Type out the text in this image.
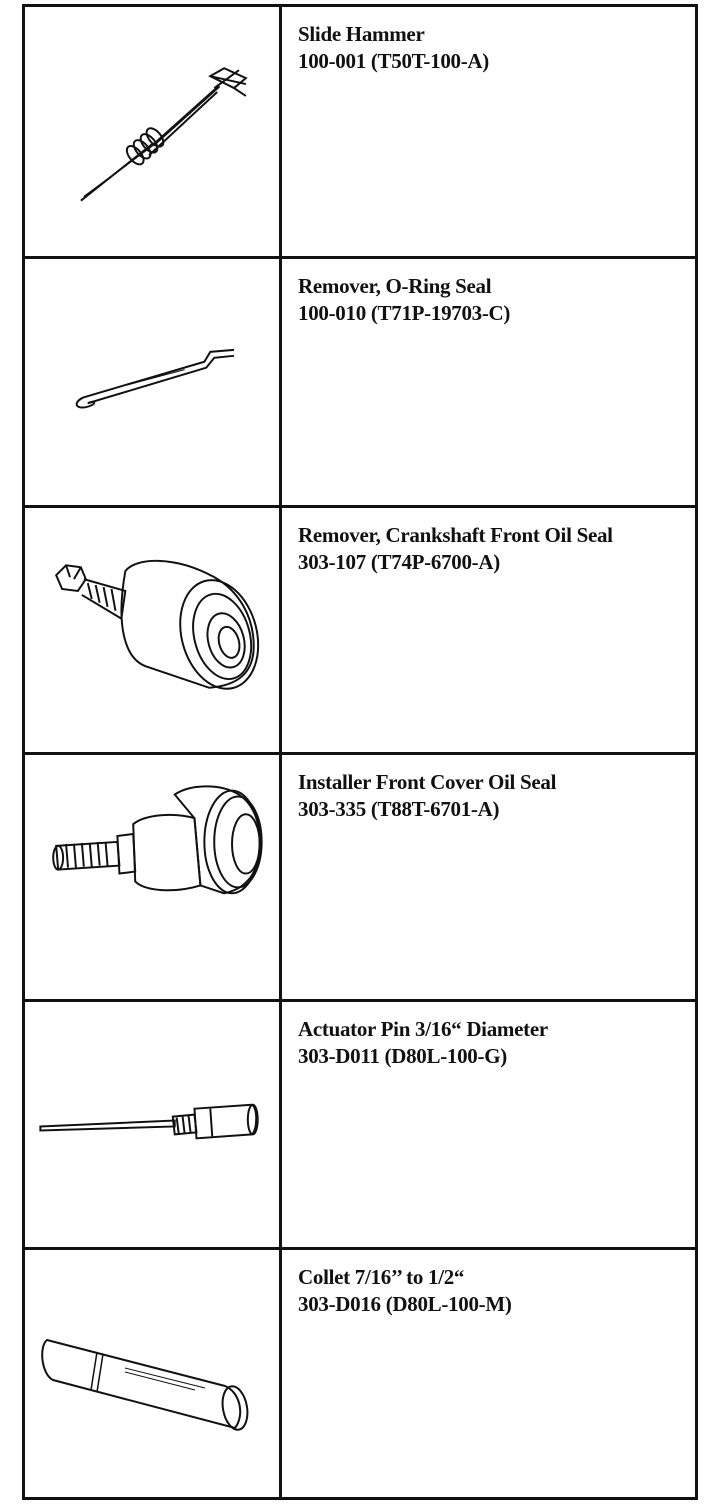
Slide Hammer
100-001 (T50T-100-A)
Remover, O-Ring Seal
100-010 (T71P-19703-C)
Remover, Crankshaft Front Oil Seal
303-107 (T74P-6700-A)
Installer Front Cover Oil Seal
303-335 (T88T-6701-A)
Actuator Pin 3/16“ Diameter
303-D011 (D80L-100-G)
Collet 7/16’’ to 1/2“
303-D016 (D80L-100-M)
